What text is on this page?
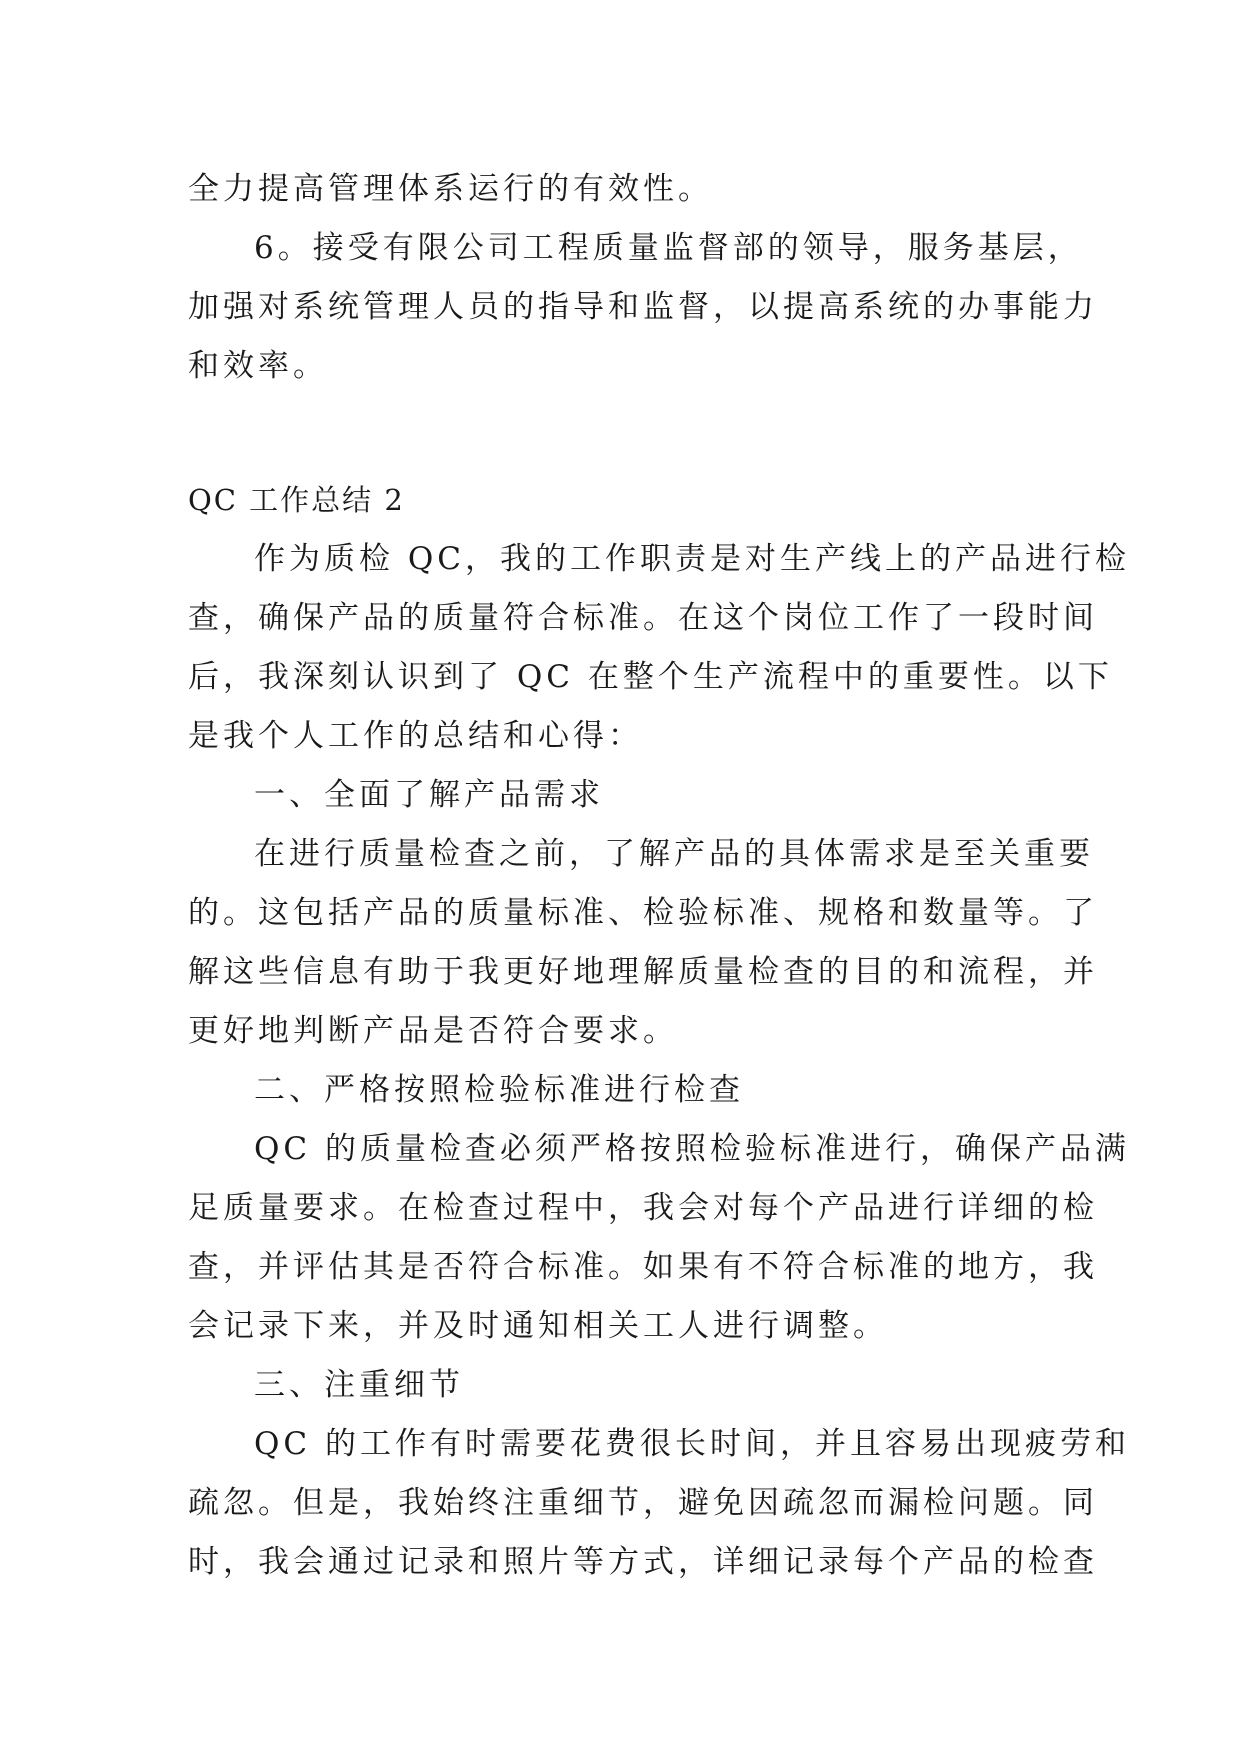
全力提高管理体系运行的有效性。
6。接受有限公司工程质量监督部的领导，服务基层，
加强对系统管理人员的指导和监督，以提高系统的办事能力
和效率。
QC 工作总结 2
作为质检 QC，我的工作职责是对生产线上的产品进行检
查，确保产品的质量符合标准。在这个岗位工作了一段时间
后，我深刻认识到了 QC 在整个生产流程中的重要性。以下
是我个人工作的总结和心得：
一、全面了解产品需求
在进行质量检查之前，了解产品的具体需求是至关重要
的。这包括产品的质量标准、检验标准、规格和数量等。了
解这些信息有助于我更好地理解质量检查的目的和流程，并
更好地判断产品是否符合要求。
二、严格按照检验标准进行检查
QC 的质量检查必须严格按照检验标准进行，确保产品满
足质量要求。在检查过程中，我会对每个产品进行详细的检
查，并评估其是否符合标准。如果有不符合标准的地方，我
会记录下来，并及时通知相关工人进行调整。
三、注重细节
QC 的工作有时需要花费很长时间，并且容易出现疲劳和
疏忽。但是，我始终注重细节，避免因疏忽而漏检问题。同
时，我会通过记录和照片等方式，详细记录每个产品的检查
